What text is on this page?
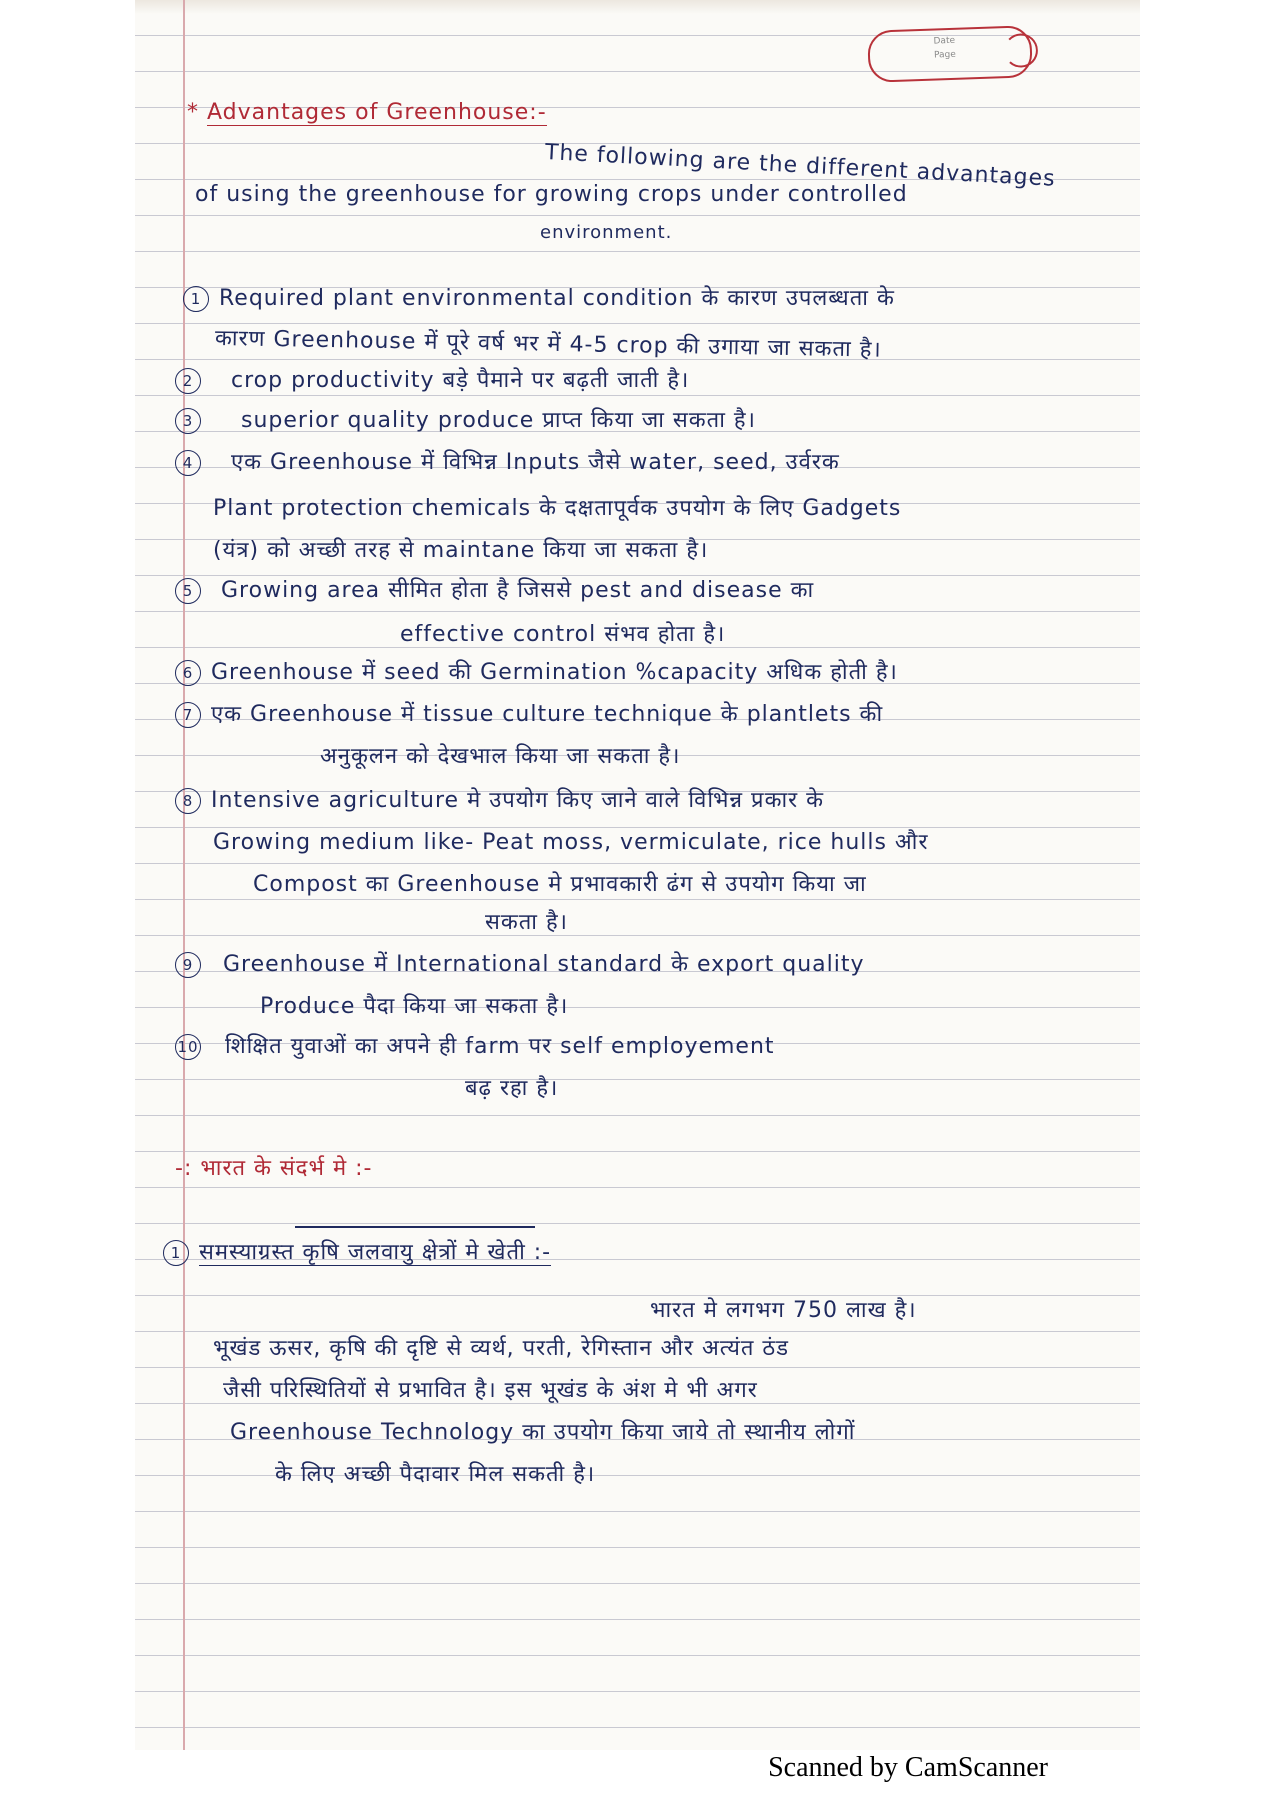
Date
Page
* Advantages of Greenhouse:-
The following are the different advantages
of using the greenhouse for growing crops under controlled
environment.
1 Required plant environmental condition के कारण उपलब्धता के
कारण Greenhouse में पूरे वर्ष भर में 4-5 crop की उगाया जा सकता है।
2 crop productivity बड़े पैमाने पर बढ़ती जाती है।
3 superior quality produce प्राप्त किया जा सकता है।
4 एक Greenhouse में विभिन्न Inputs जैसे water, seed, उर्वरक
Plant protection chemicals के दक्षतापूर्वक उपयोग के लिए Gadgets
(यंत्र) को अच्छी तरह से maintane किया जा सकता है।
5 Growing area सीमित होता है जिससे pest and disease का
effective control संभव होता है।
6 Greenhouse में seed की Germination %capacity अधिक होती है।
7 एक Greenhouse में tissue culture technique के plantlets की
अनुकूलन को देखभाल किया जा सकता है।
8 Intensive agriculture मे उपयोग किए जाने वाले विभिन्न प्रकार के
Growing medium like- Peat moss, vermiculate, rice hulls और
Compost का Greenhouse मे प्रभावकारी ढंग से उपयोग किया जा
सकता है।
9 Greenhouse में International standard के export quality
Produce पैदा किया जा सकता है।
10 शिक्षित युवाओं का अपने ही farm पर self employement
बढ़ रहा है।
-: भारत के संदर्भ मे :-
1 समस्याग्रस्त कृषि जलवायु क्षेत्रों मे खेती :-
भारत मे लगभग 750 लाख है।
भूखंड ऊसर, कृषि की दृष्टि से व्यर्थ, परती, रेगिस्तान और अत्यंत ठंड
जैसी परिस्थितियों से प्रभावित है। इस भूखंड के अंश मे भी अगर
Greenhouse Technology का उपयोग किया जाये तो स्थानीय लोगों
के लिए अच्छी पैदावार मिल सकती है।
Scanned by CamScanner
